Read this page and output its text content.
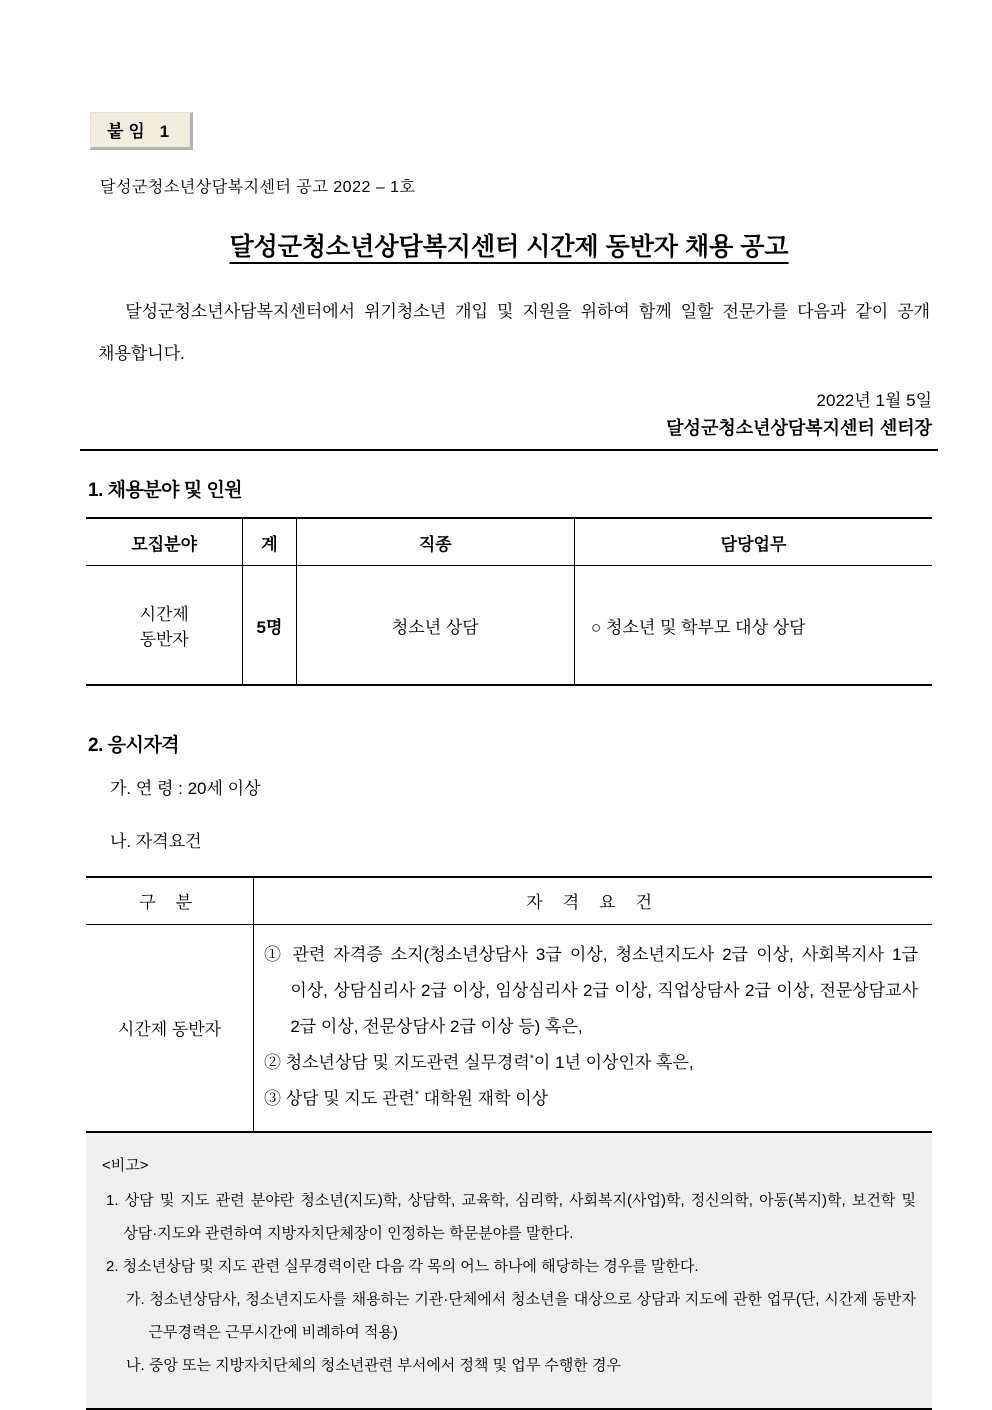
붙임 1
달성군청소년상담복지센터 공고 2022 – 1호
달성군청소년상담복지센터 시간제 동반자 채용 공고

달성군청소년사담복지센터에서 위기청소년 개입 및 지원을 위하여 함께 일할 전문가를 다음과 같이 공개 채용합니다.

2022년 1월 5일
달성군청소년상담복지센터 센터장
1. 채용분야 및 인원
모집분야	계	직종	담당업무

시간제
동반자	5명	청소년 상담	○ 청소년 및 학부모 대상 상담
2. 응시자격
가. 연 령 : 20세 이상
나. 자격요건
구 분	자 격 요 건
시간제 동반자	① 관련 자격증 소지(청소년상담사 3급 이상, 청소년지도사 2급 이상, 사회복지사 1급 이상, 상담심리사 2급 이상, 임상심리사 2급 이상, 직업상담사 2급 이상, 전문상담교사 2급 이상, 전문상담사 2급 이상 등) 혹은,
② 청소년상담 및 지도관련 실무경력*이 1년 이상인자 혹은,
③ 상담 및 지도 관련* 대학원 재학 이상
<비고>
1. 상담 및 지도 관련 분야란 청소년(지도)학, 상담학, 교육학, 심리학, 사회복지(사업)학, 정신의학, 아동(복지)학, 보건학 및 상담·지도와 관련하여 지방자치단체장이 인정하는 학문분야를 말한다.
2. 청소년상담 및 지도 관련 실무경력이란 다음 각 목의 어느 하나에 해당하는 경우를 말한다.
가. 청소년상담사, 청소년지도사를 채용하는 기관·단체에서 청소년을 대상으로 상담과 지도에 관한 업무(단, 시간제 동반자 근무경력은 근무시간에 비례하여 적용)
나. 중앙 또는 지방자치단체의 청소년관련 부서에서 정책 및 업무 수행한 경우
